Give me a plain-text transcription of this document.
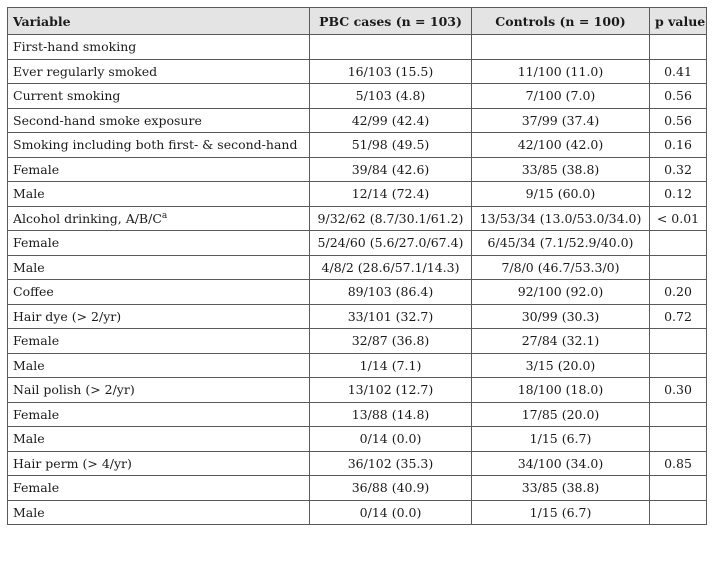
Variable	PBC cases (n = 103)	Controls (n = 100)	p value
First-hand smoking			
Ever regularly smoked	16/103 (15.5)	11/100 (11.0)	0.41
Current smoking	5/103 (4.8)	7/100 (7.0)	0.56
Second-hand smoke exposure	42/99 (42.4)	37/99 (37.4)	0.56
Smoking including both first- & second-hand	51/98 (49.5)	42/100 (42.0)	0.16
Female	39/84 (42.6)	33/85 (38.8)	0.32
Male	12/14 (72.4)	9/15 (60.0)	0.12
Alcohol drinking, $A/B/C^a$	9/32/62 (8.7/30.1/61.2)	13/53/34 (13.0/53.0/34.0)	< 0.01
Female	5/24/60 (5.6/27.0/67.4)	6/45/34 (7.1/52.9/40.0)	
Male	4/8/2 (28.6/57.1/14.3)	7/8/0 (46.7/53.3/0)	
Coffee	89/103 (86.4)	92/100 (92.0)	0.20
Hair dye (> 2/yr)	33/101 (32.7)	30/99 (30.3)	0.72
Female	32/87 (36.8)	27/84 (32.1)	
Male	1/14 (7.1)	3/15 (20.0)	
Nail polish (> 2/yr)	13/102 (12.7)	18/100 (18.0)	0.30
Female	13/88 (14.8)	17/85 (20.0)	
Male	0/14 (0.0)	1/15 (6.7)	
Hair perm (> 4/yr)	36/102 (35.3)	34/100 (34.0)	0.85
Female	36/88 (40.9)	33/85 (38.8)	
Male	0/14 (0.0)	1/15 (6.7)	
